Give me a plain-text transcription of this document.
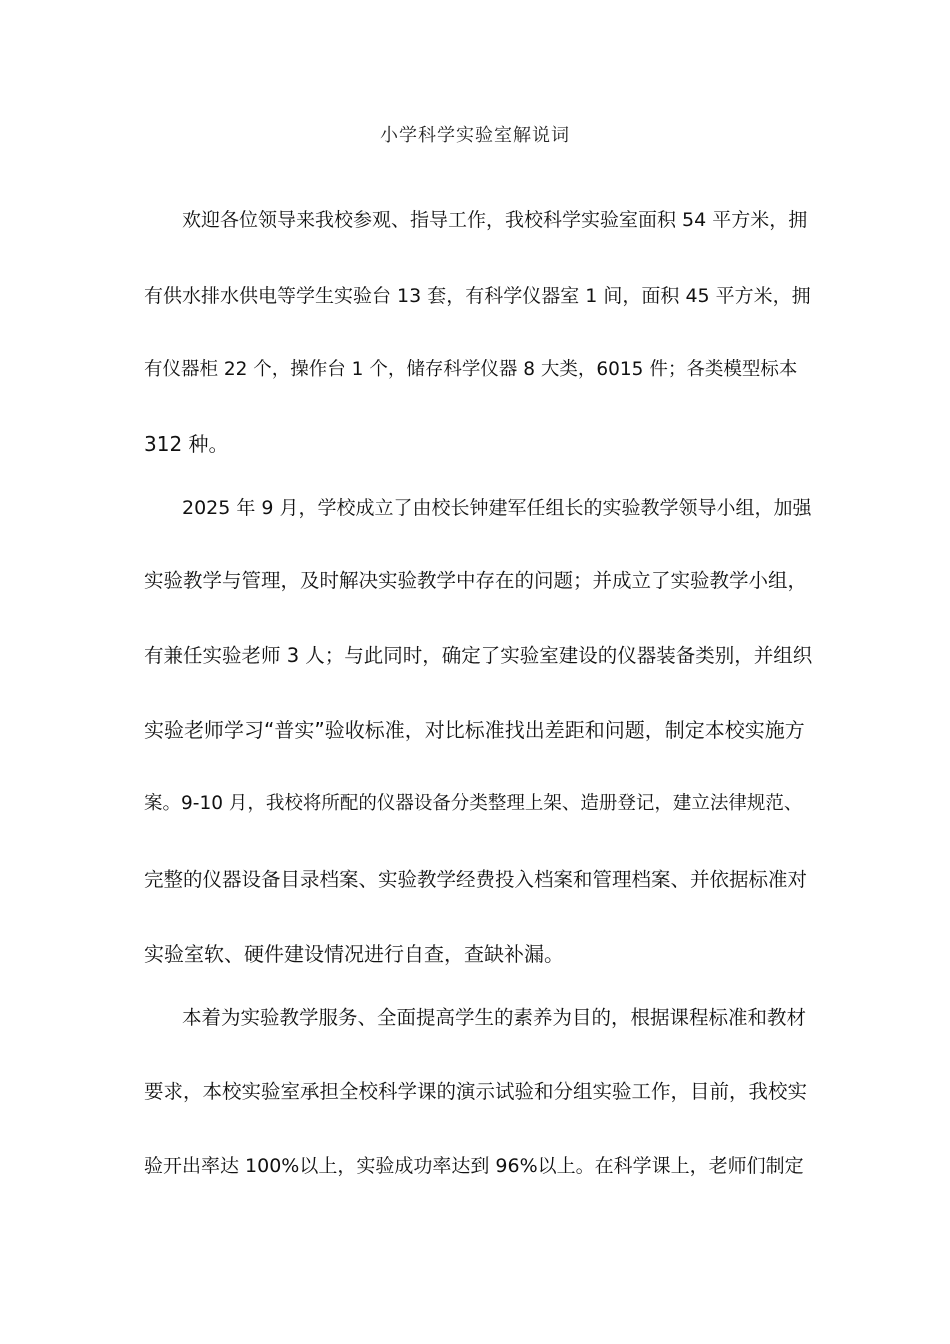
小学科学实验室解说词
欢迎各位领导来我校参观、指导工作，我校科学实验室面积 54 平方米，拥
有供水排水供电等学生实验台 13 套，有科学仪器室 1 间，面积 45 平方米，拥
有仪器柜 22 个，操作台 1 个，储存科学仪器 8 大类，6015 件；各类模型标本
312 种。
2025 年 9 月，学校成立了由校长钟建军任组长的实验教学领导小组，加强
实验教学与管理，及时解决实验教学中存在的问题；并成立了实验教学小组，
有兼任实验老师 3 人；与此同时，确定了实验室建设的仪器装备类别，并组织
实验老师学习“普实”验收标准，对比标准找出差距和问题，制定本校实施方
案。9-10 月，我校将所配的仪器设备分类整理上架、造册登记，建立法律规范、
完整的仪器设备目录档案、实验教学经费投入档案和管理档案、并依据标准对
实验室软、硬件建设情况进行自查，查缺补漏。
本着为实验教学服务、全面提高学生的素养为目的，根据课程标准和教材
要求，本校实验室承担全校科学课的演示试验和分组实验工作，目前，我校实
验开出率达 100%以上，实验成功率达到 96%以上。在科学课上，老师们制定
